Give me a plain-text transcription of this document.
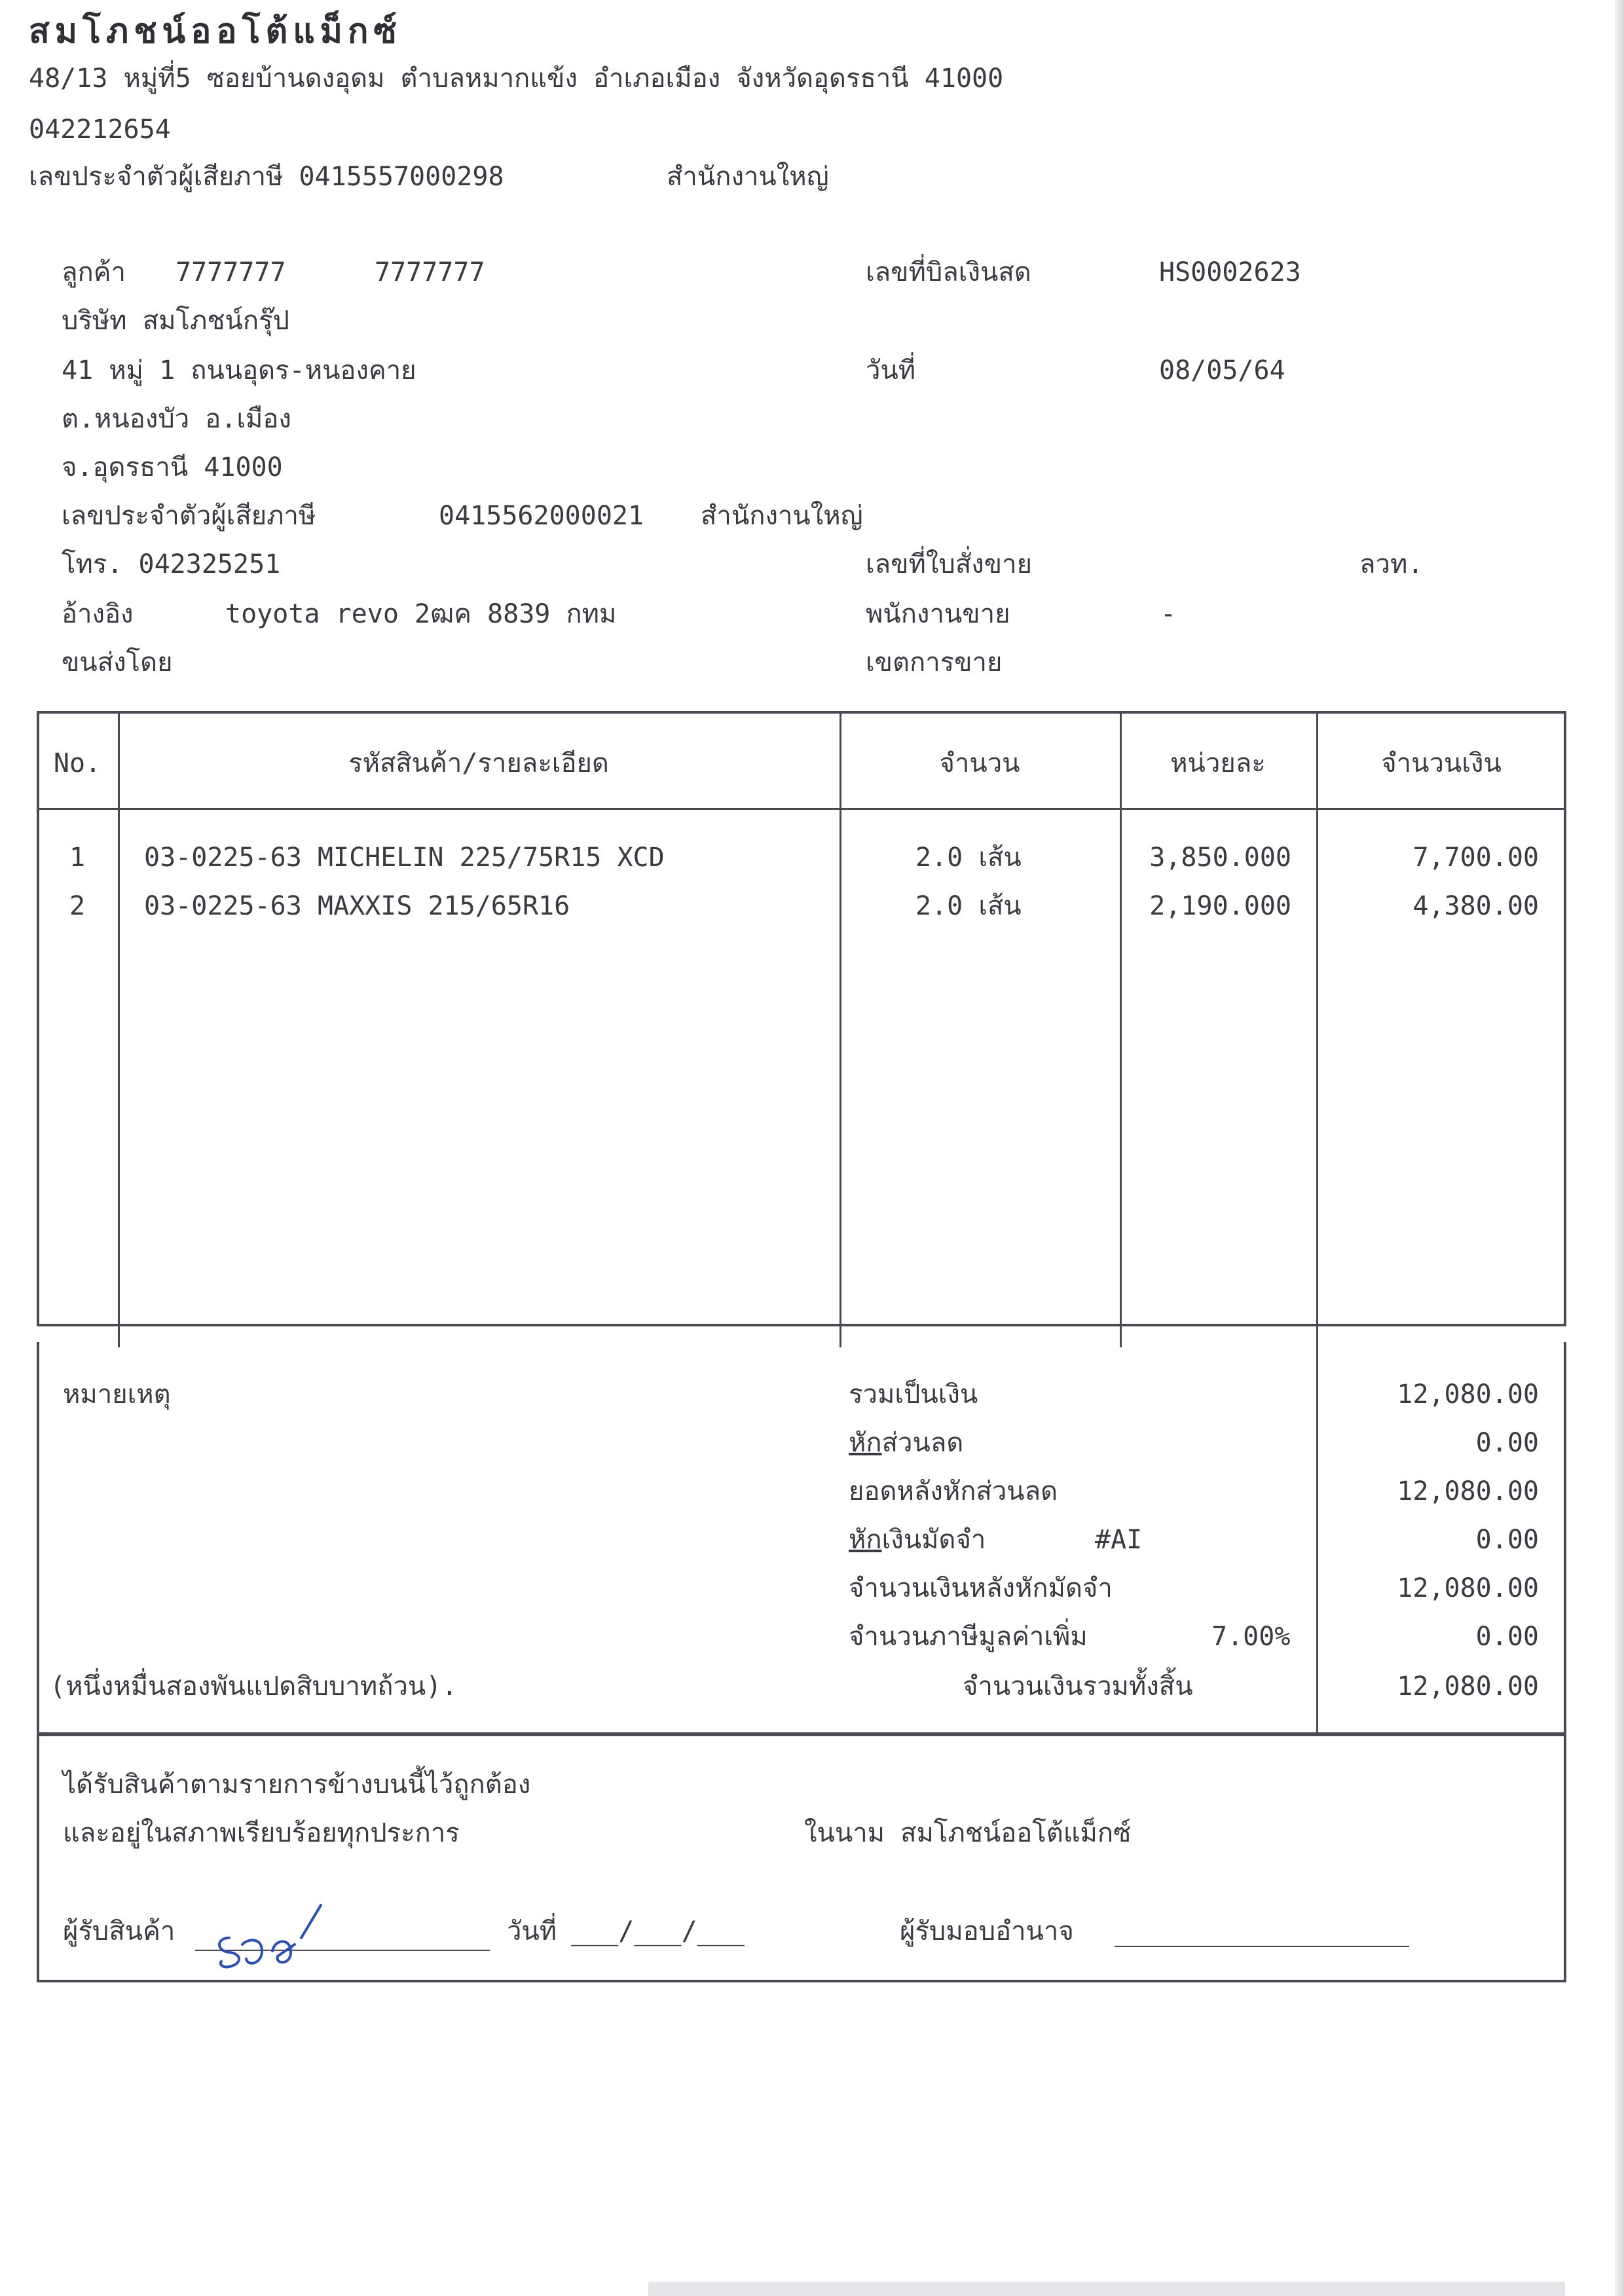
สมโภชน์ออโต้แม็กซ์
48/13 หมู่ที่5 ซอยบ้านดงอุดม ตำบลหมากแข้ง อำเภอเมือง จังหวัดอุดรธานี 41000
042212654
เลขประจำตัวผู้เสียภาษี 0415557000298	สำนักงานใหญ่
ลูกค้า 7777777	7777777
บริษัท สมโภชน์กรุ๊ป
41 หมู่ 1 ถนนอุดร-หนองคาย
ต.หนองบัว อ.เมือง
จ.อุดรธานี 41000
เลขประจำตัวผู้เสียภาษี	0415562000021 สำนักงานใหญ่
โทร. 042325251
อ้างอิง	toyota revo 2ฒค 8839 กทม
ขนส่งโดย
เลขที่บิลเงินสด	HS0002623
วันที่	08/05/64
เลขที่ใบสั่งขาย	ลวท.
พนักงานขาย	-
เขตการขาย
No.	รหัสสินค้า/รายละเอียด	จำนวน	หน่วยละ	จำนวนเงิน
1	03-0225-63 MICHELIN 225/75R15 XCD	2.0 เส้น	3,850.000	7,700.00
2	03-0225-63 MAXXIS 215/65R16	2.0 เส้น	2,190.000	4,380.00
หมายเหตุ
(หนึ่งหมื่นสองพันแปดสิบบาทถ้วน).
รวมเป็นเงิน	12,080.00
หักส่วนลด	0.00
ยอดหลังหักส่วนลด	12,080.00
หักเงินมัดจำ	#AI	0.00
จำนวนเงินหลังหักมัดจำ	12,080.00
จำนวนภาษีมูลค่าเพิ่ม	7.00%	0.00
จำนวนเงินรวมทั้งสิ้น	12,080.00
ได้รับสินค้าตามรายการข้างบนนี้ไว้ถูกต้อง
และอยู่ในสภาพเรียบร้อยทุกประการ	ในนาม สมโภชน์ออโต้แม็กซ์
ผู้รับสินค้า	วันที่ ___/___/___	ผู้รับมอบอำนาจ
